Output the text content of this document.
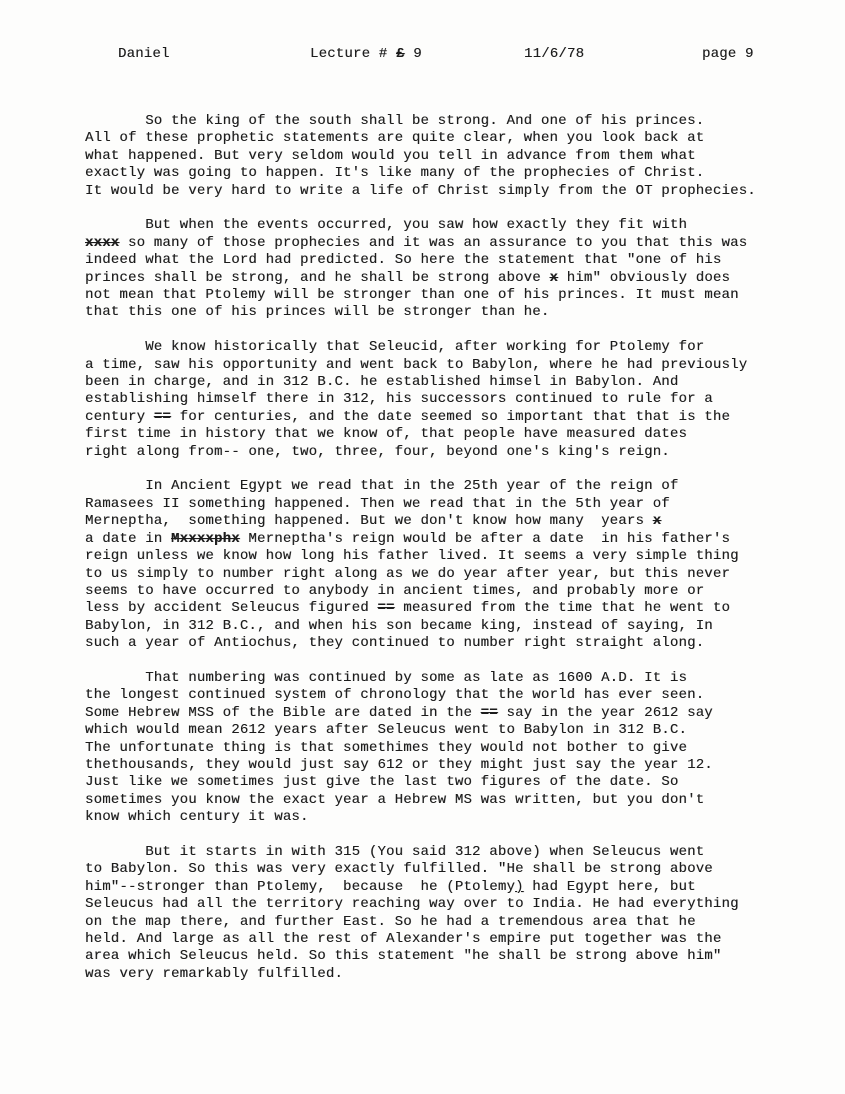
Daniel	Lecture # £ 9	11/6/78	page 9
So the king of the south shall be strong. And one of his princes.
All of these prophetic statements are quite clear, when you look back at
what happened. But very seldom would you tell in advance from them what
exactly was going to happen. It's like many of the prophecies of Christ.
It would be very hard to write a life of Christ simply from the OT prophecies.
But when the events occurred, you saw how exactly they fit with
xxxx so many of those prophecies and it was an assurance to you that this was
indeed what the Lord had predicted. So here the statement that "one of his
princes shall be strong, and he shall be strong above x him" obviously does
not mean that Ptolemy will be stronger than one of his princes. It must mean
that this one of his princes will be stronger than he.
We know historically that Seleucid, after working for Ptolemy for
a time, saw his opportunity and went back to Babylon, where he had previously
been in charge, and in 312 B.C. he established himsel in Babylon. And
establishing himself there in 312, his successors continued to rule for a
century == for centuries, and the date seemed so important that that is the
first time in history that we know of, that people have measured dates
right along from-- one, two, three, four, beyond one's king's reign.
In Ancient Egypt we read that in the 25th year of the reign of
Ramasees II something happened. Then we read that in the 5th year of
Merneptha,  something happened. But we don't know how many  years x
a date in Mxxxxphx Merneptha's reign would be after a date  in his father's
reign unless we know how long his father lived. It seems a very simple thing
to us simply to number right along as we do year after year, but this never
seems to have occurred to anybody in ancient times, and probably more or
less by accident Seleucus figured == measured from the time that he went to
Babylon, in 312 B.C., and when his son became king, instead of saying, In
such a year of Antiochus, they continued to number right straight along.
That numbering was continued by some as late as 1600 A.D. It is
the longest continued system of chronology that the world has ever seen.
Some Hebrew MSS of the Bible are dated in the == say in the year 2612 say
which would mean 2612 years after Seleucus went to Babylon in 312 B.C.
The unfortunate thing is that somethimes they would not bother to give
thethousands, they would just say 612 or they might just say the year 12.
Just like we sometimes just give the last two figures of the date. So
sometimes you know the exact year a Hebrew MS was written, but you don't
know which century it was.
But it starts in with 315 (You said 312 above) when Seleucus went
to Babylon. So this was very exactly fulfilled. "He shall be strong above
him"--stronger than Ptolemy,  because  he (Ptolemy) had Egypt here, but
Seleucus had all the territory reaching way over to India. He had everything
on the map there, and further East. So he had a tremendous area that he
held. And large as all the rest of Alexander's empire put together was the
area which Seleucus held. So this statement "he shall be strong above him"
was very remarkably fulfilled.
